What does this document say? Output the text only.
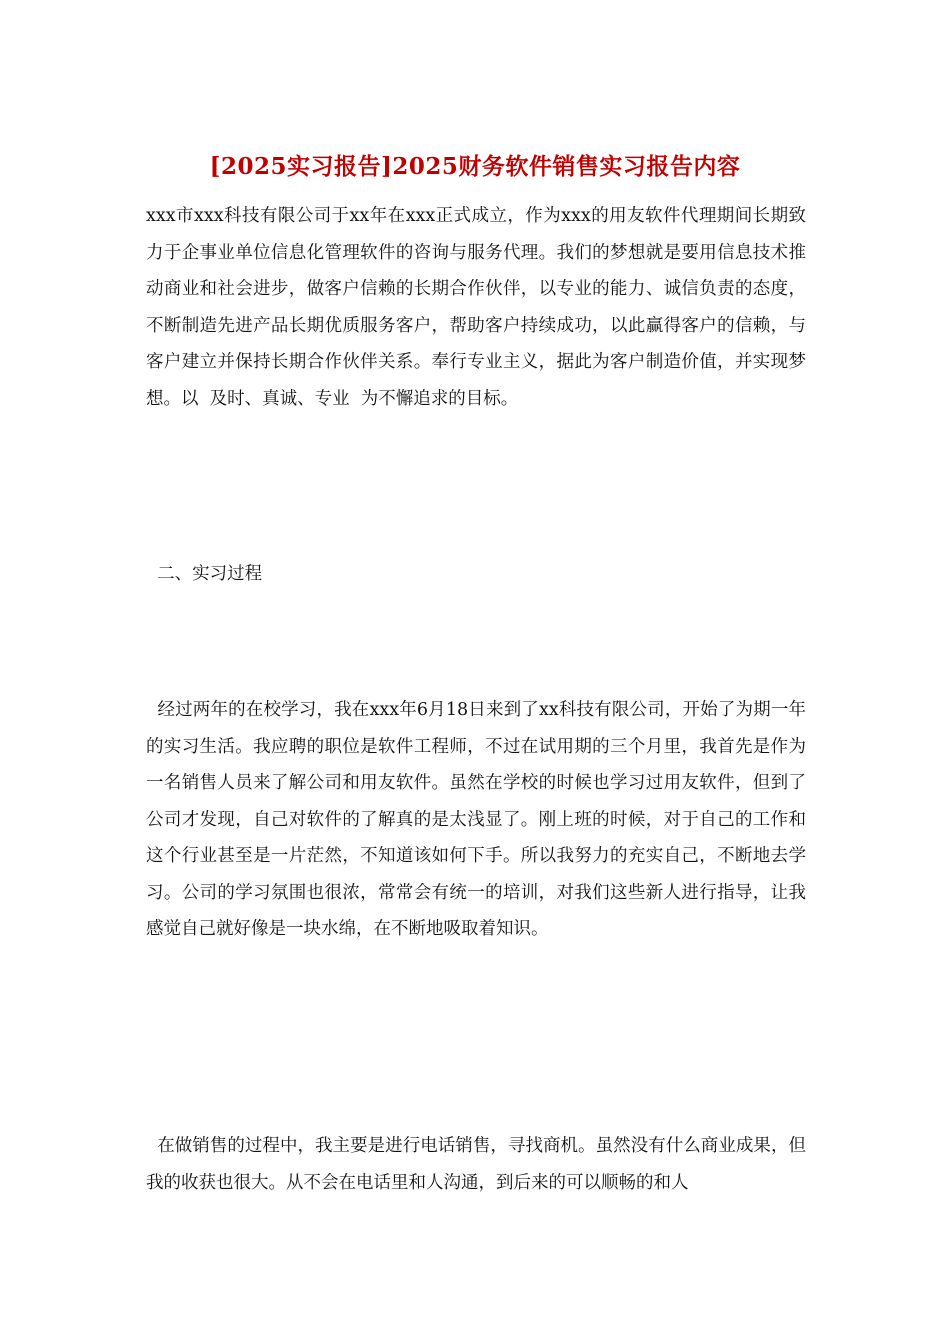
[2025实习报告]2025财务软件销售实习报告内容

xxx市xxx科技有限公司于xx年在xxx正式成立，作为xxx的用友软件代理期间长期致力于企事业单位信息化管理软件的咨询与服务代理。我们的梦想就是要用信息技术推动商业和社会进步，做客户信赖的长期合作伙伴，以专业的能力、诚信负责的态度，不断制造先进产品长期优质服务客户，帮助客户持续成功，以此赢得客户的信赖，与客户建立并保持长期合作伙伴关系。奉行专业主义，据此为客户制造价值，并实现梦想。以  及时、真诚、专业  为不懈追求的目标。

二、实习过程

经过两年的在校学习，我在xxx年6月18日来到了xx科技有限公司，开始了为期一年的实习生活。我应聘的职位是软件工程师，不过在试用期的三个月里，我首先是作为一名销售人员来了解公司和用友软件。虽然在学校的时候也学习过用友软件，但到了公司才发现，自己对软件的了解真的是太浅显了。刚上班的时候，对于自己的工作和这个行业甚至是一片茫然，不知道该如何下手。所以我努力的充实自己，不断地去学习。公司的学习氛围也很浓，常常会有统一的培训，对我们这些新人进行指导，让我感觉自己就好像是一块水绵，在不断地吸取着知识。

在做销售的过程中，我主要是进行电话销售，寻找商机。虽然没有什么商业成果，但我的收获也很大。从不会在电话里和人沟通，到后来的可以顺畅的和人
